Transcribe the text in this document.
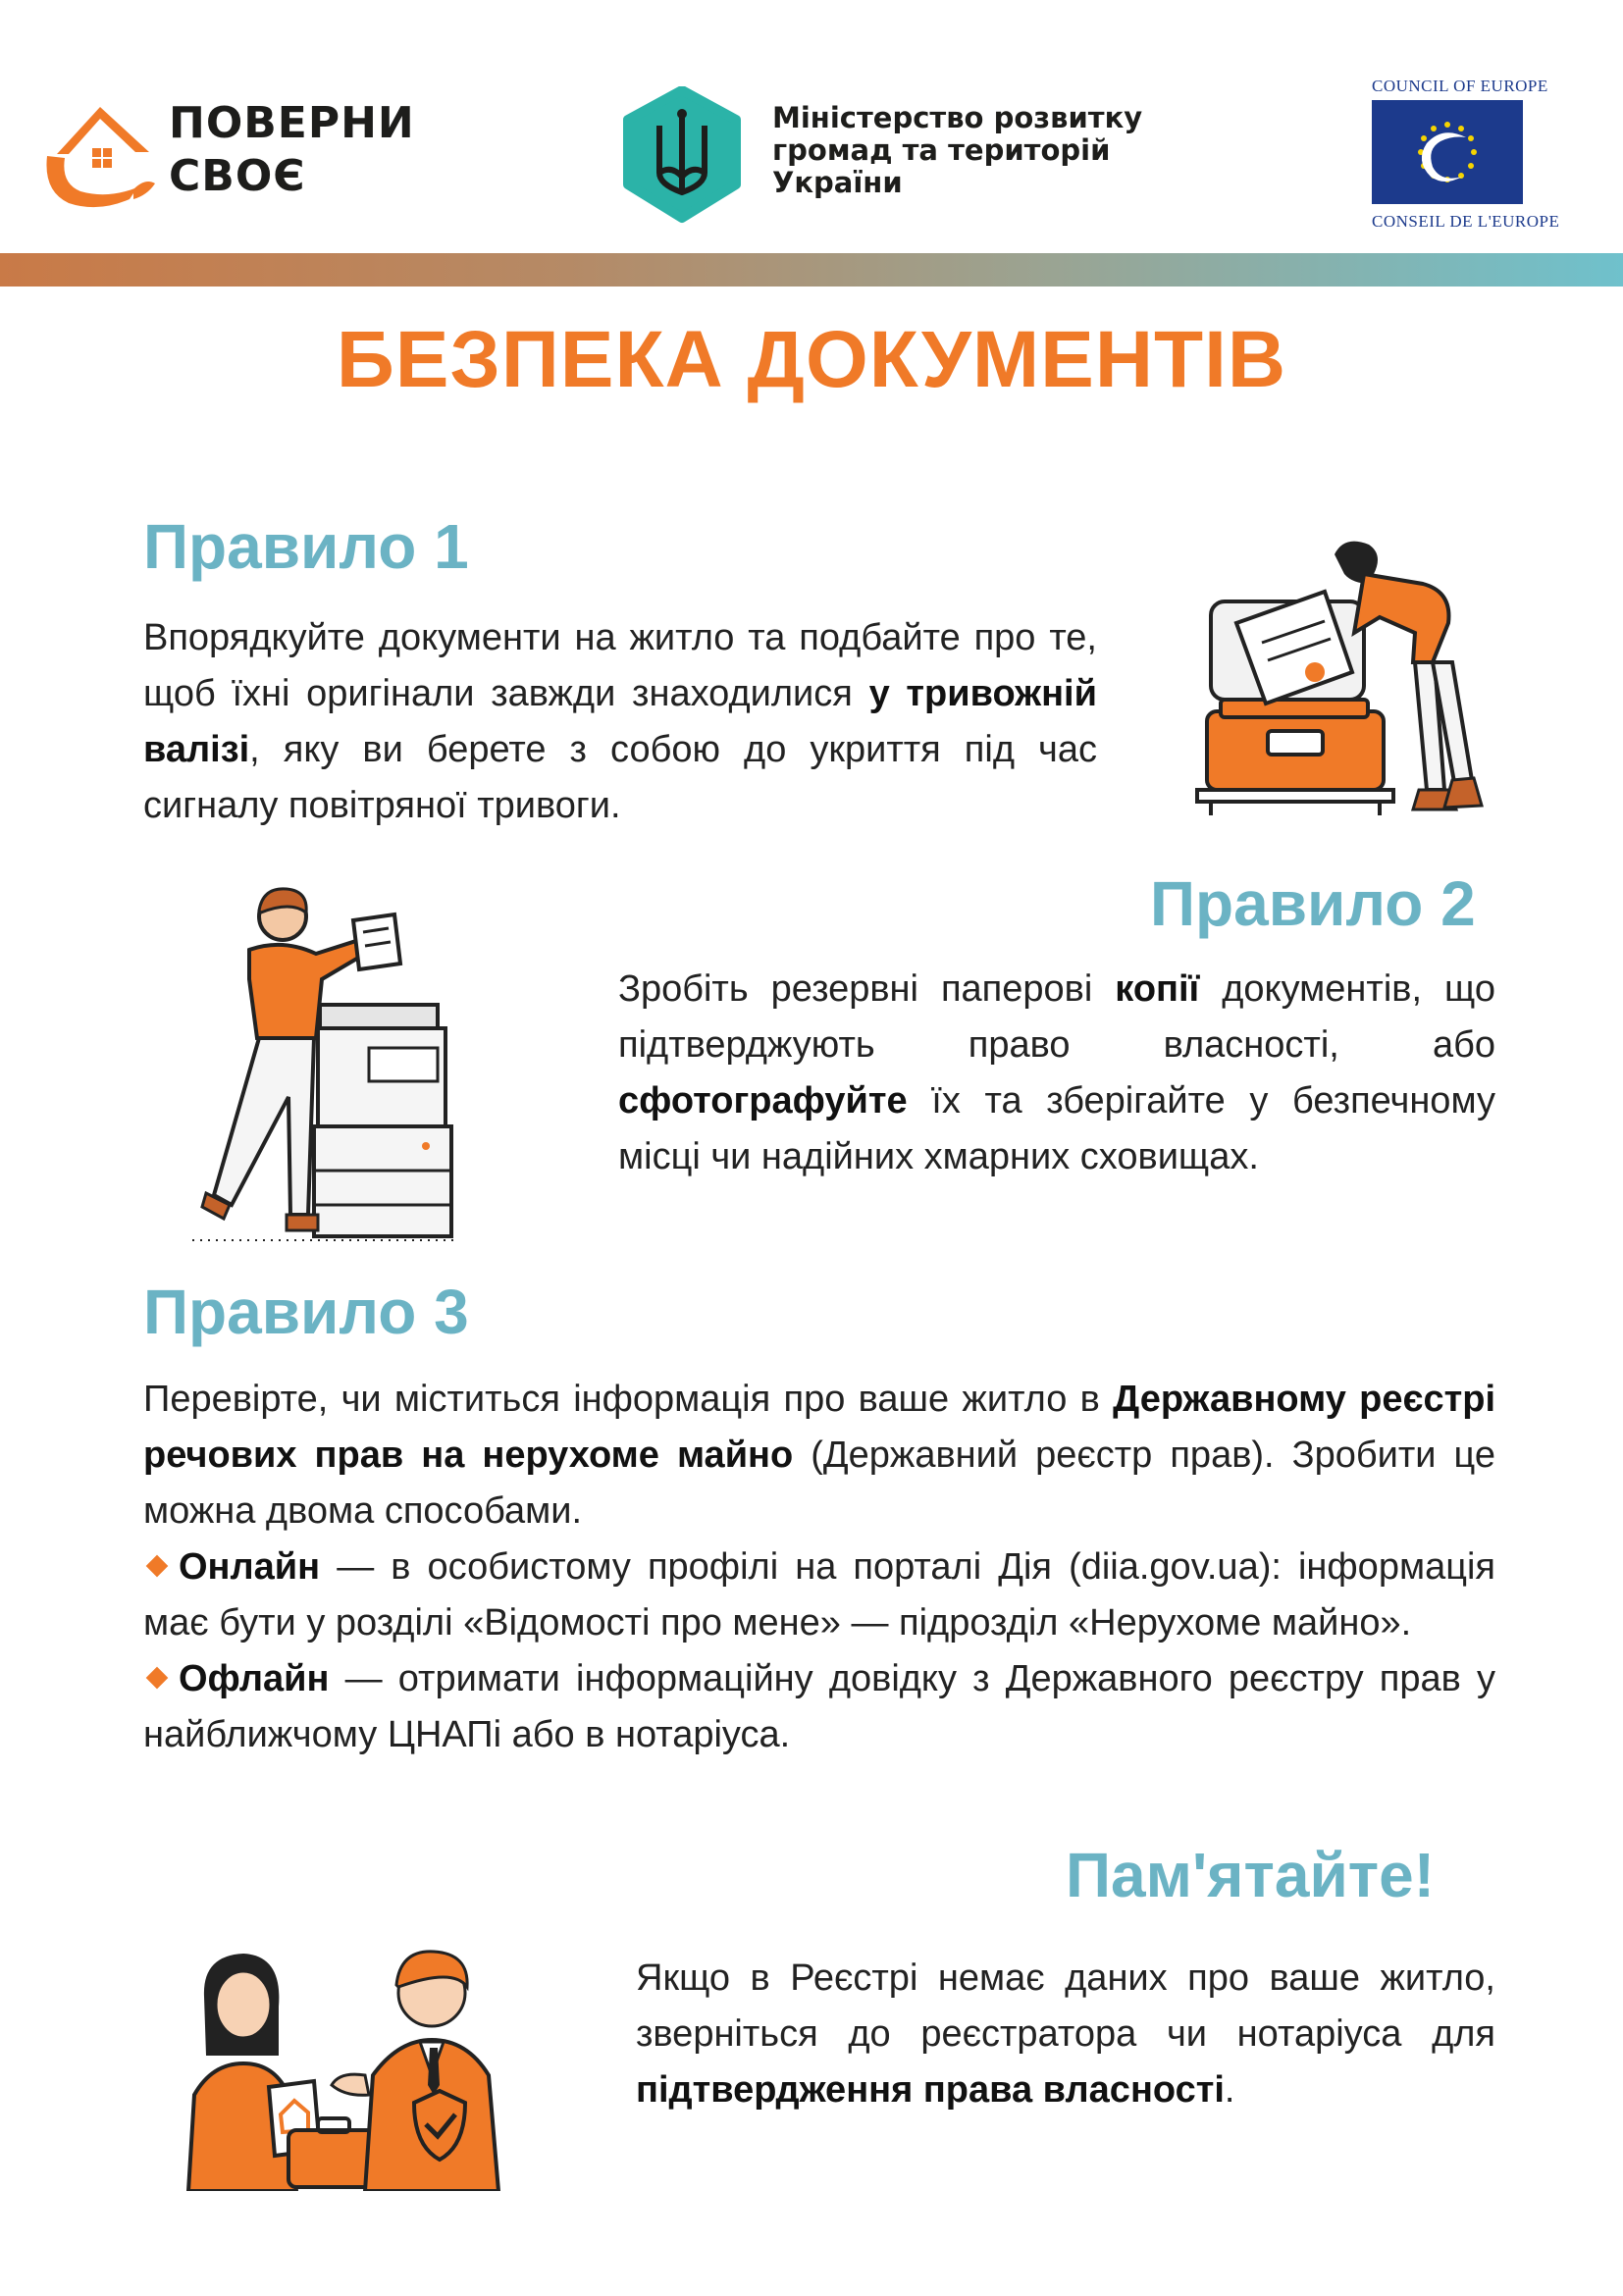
ПОВЕРНИ
СВОЄ
Міністерство розвитку
громад та територій
України
COUNCIL OF EUROPE
CONSEIL DE L'EUROPE
БЕЗПЕКА ДОКУМЕНТІВ
Правило 1
Впорядкуйте документи на житло та подбайте про те, щоб їхні оригінали завжди знаходилися у тривожній валізі, яку ви берете з собою до укриття під час сигналу повітряної тривоги.
Правило 2
Зробіть резервні паперові копії документів, що підтверджують право власності, або сфотографуйте їх та зберігайте у безпечному місці чи надійних хмарних сховищах.
Правило 3
Перевірте, чи міститься інформація про ваше житло в Державному реєстрі речових прав на нерухоме майно (Державний реєстр прав). Зробити це можна двома способами.
Онлайн — в особистому профілі на порталі Дія (diia.gov.ua): інформація має бути у розділі «Відомості про мене» — підрозділ «Нерухоме майно».
Офлайн — отримати інформаційну довідку з Державного реєстру прав у найближчому ЦНАПі або в нотаріуса.
Пам'ятайте!
Якщо в Реєстрі немає даних про ваше житло, зверніться до реєстратора чи нотаріуса для підтвердження права власності.
